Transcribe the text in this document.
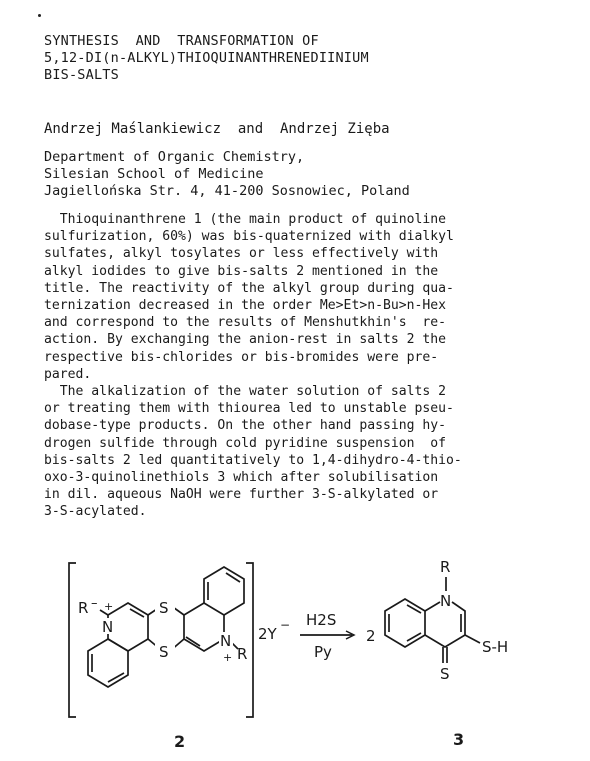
SYNTHESIS  AND  TRANSFORMATION OF
5,12-DI(n-ALKYL)THIOQUINANTHRENEDIINIUM
BIS-SALTS
Andrzej Maślankiewicz  and  Andrzej Zięba
Department of Organic Chemistry,
Silesian School of Medicine
Jagiellońska Str. 4, 41-200 Sosnowiec, Poland
Thioquinanthrene 1 (the main product of quinoline
sulfurization, 60%) was bis-quaternized with dialkyl
sulfates, alkyl tosylates or less effectively with
alkyl iodides to give bis-salts 2 mentioned in the
title. The reactivity of the alkyl group during qua-
ternization decreased in the order Me>Et>n-Bu>n-Hex
and correspond to the results of Menshutkhin's  re-
action. By exchanging the anion-rest in salts 2 the
respective bis-chlorides or bis-bromides were pre-
pared.
The alkalization of the water solution of salts 2
or treating them with thiourea led to unstable pseu-
dobase-type products. On the other hand passing hy-
drogen sulfide through cold pyridine suspension  of
bis-salts 2 led quantitatively to 1,4-dihydro-4-thio-
oxo-3-quinolinethiols 3 which after solubilisation
in dil. aqueous NaOH were further 3-S-alkylated or
3-S-acylated.
S
S
R –
N
+
N
+ R
2Y − H2S
Py
2
R
N
S
S-H
2	3
